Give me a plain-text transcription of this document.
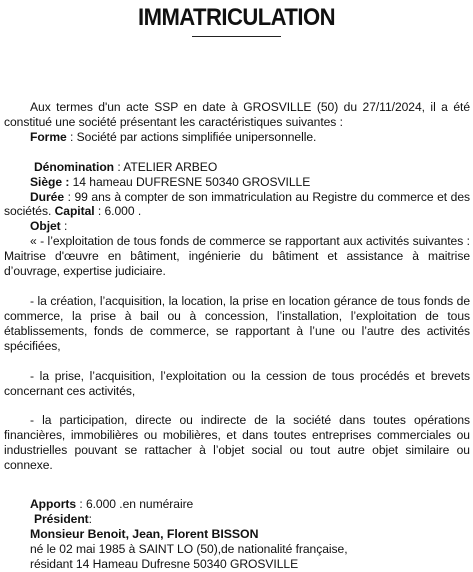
IMMATRICULATION

Aux termes d'un acte SSP en date à GROSVILLE (50) du 27/11/2024, il a été constitué une société présentant les caractéristiques suivantes :

Forme : Société par actions simplifiée unipersonnelle.
Dénomination : ATELIER ARBEO
Siège : 14 hameau DUFRESNE 50340 GROSVILLE

Durée : 99 ans à compter de son immatriculation au Registre du commerce et des sociétés. Capital : 6.000 .

Objet :

« - l’exploitation de tous fonds de commerce se rapportant aux activités suivantes : Maitrise d'œuvre en bâtiment, ingénierie du bâtiment et assistance à maitrise d’ouvrage, expertise judiciaire.

- la création, l’acquisition, la location, la prise en location gérance de tous fonds de commerce, la prise à bail ou à concession, l’installation, l’exploitation de tous établissements, fonds de commerce, se rapportant à l’une ou l’autre des activités spécifiées,

- la prise, l’acquisition, l’exploitation ou la cession de tous procédés et brevets concernant ces activités,

- la participation, directe ou indirecte de la société dans toutes opérations financières, immobilières ou mobilières, et dans toutes entreprises commerciales ou industrielles pouvant se rattacher à l’objet social ou tout autre objet similaire ou connexe.

Apports : 6.000 .en numéraire
Président:
Monsieur Benoit, Jean, Florent BISSON
né le 02 mai 1985 à SAINT LO (50),de nationalité française,
résidant 14 Hameau Dufresne 50340 GROSVILLE
